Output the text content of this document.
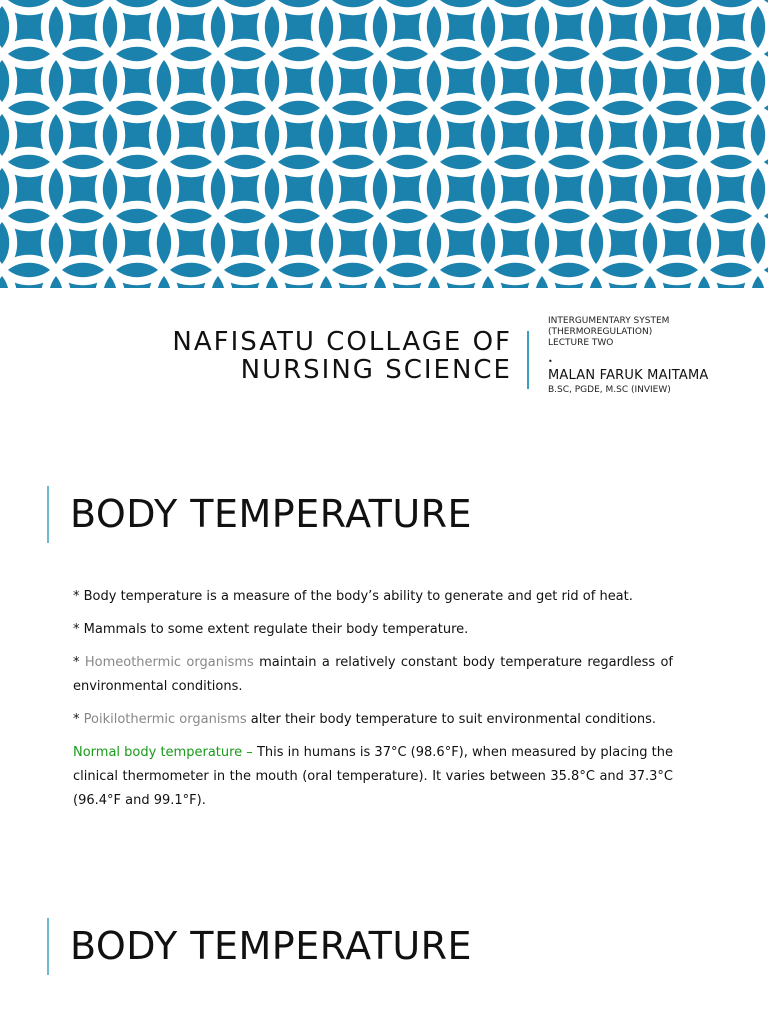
NAFISATU COLLAGE OF
NURSING SCIENCE
INTERGUMENTARY SYSTEM
(THERMOREGULATION)
LECTURE TWO
•
MALAN FARUK MAITAMA
B.SC, PGDE, M.SC (INVIEW)
BODY TEMPERATURE

* Body temperature is a measure of the body’s ability to generate and get rid of heat.

* Mammals to some extent regulate their body temperature.

* Homeothermic organisms maintain a relatively constant body temperature regardless of environmental conditions.

* Poikilothermic organisms alter their body temperature to suit environmental conditions.

Normal body temperature – This in humans is 37°C (98.6°F), when measured by placing the clinical thermometer in the mouth (oral temperature). It varies between 35.8°C and 37.3°C (96.4°F and 99.1°F).

BODY TEMPERATURE
